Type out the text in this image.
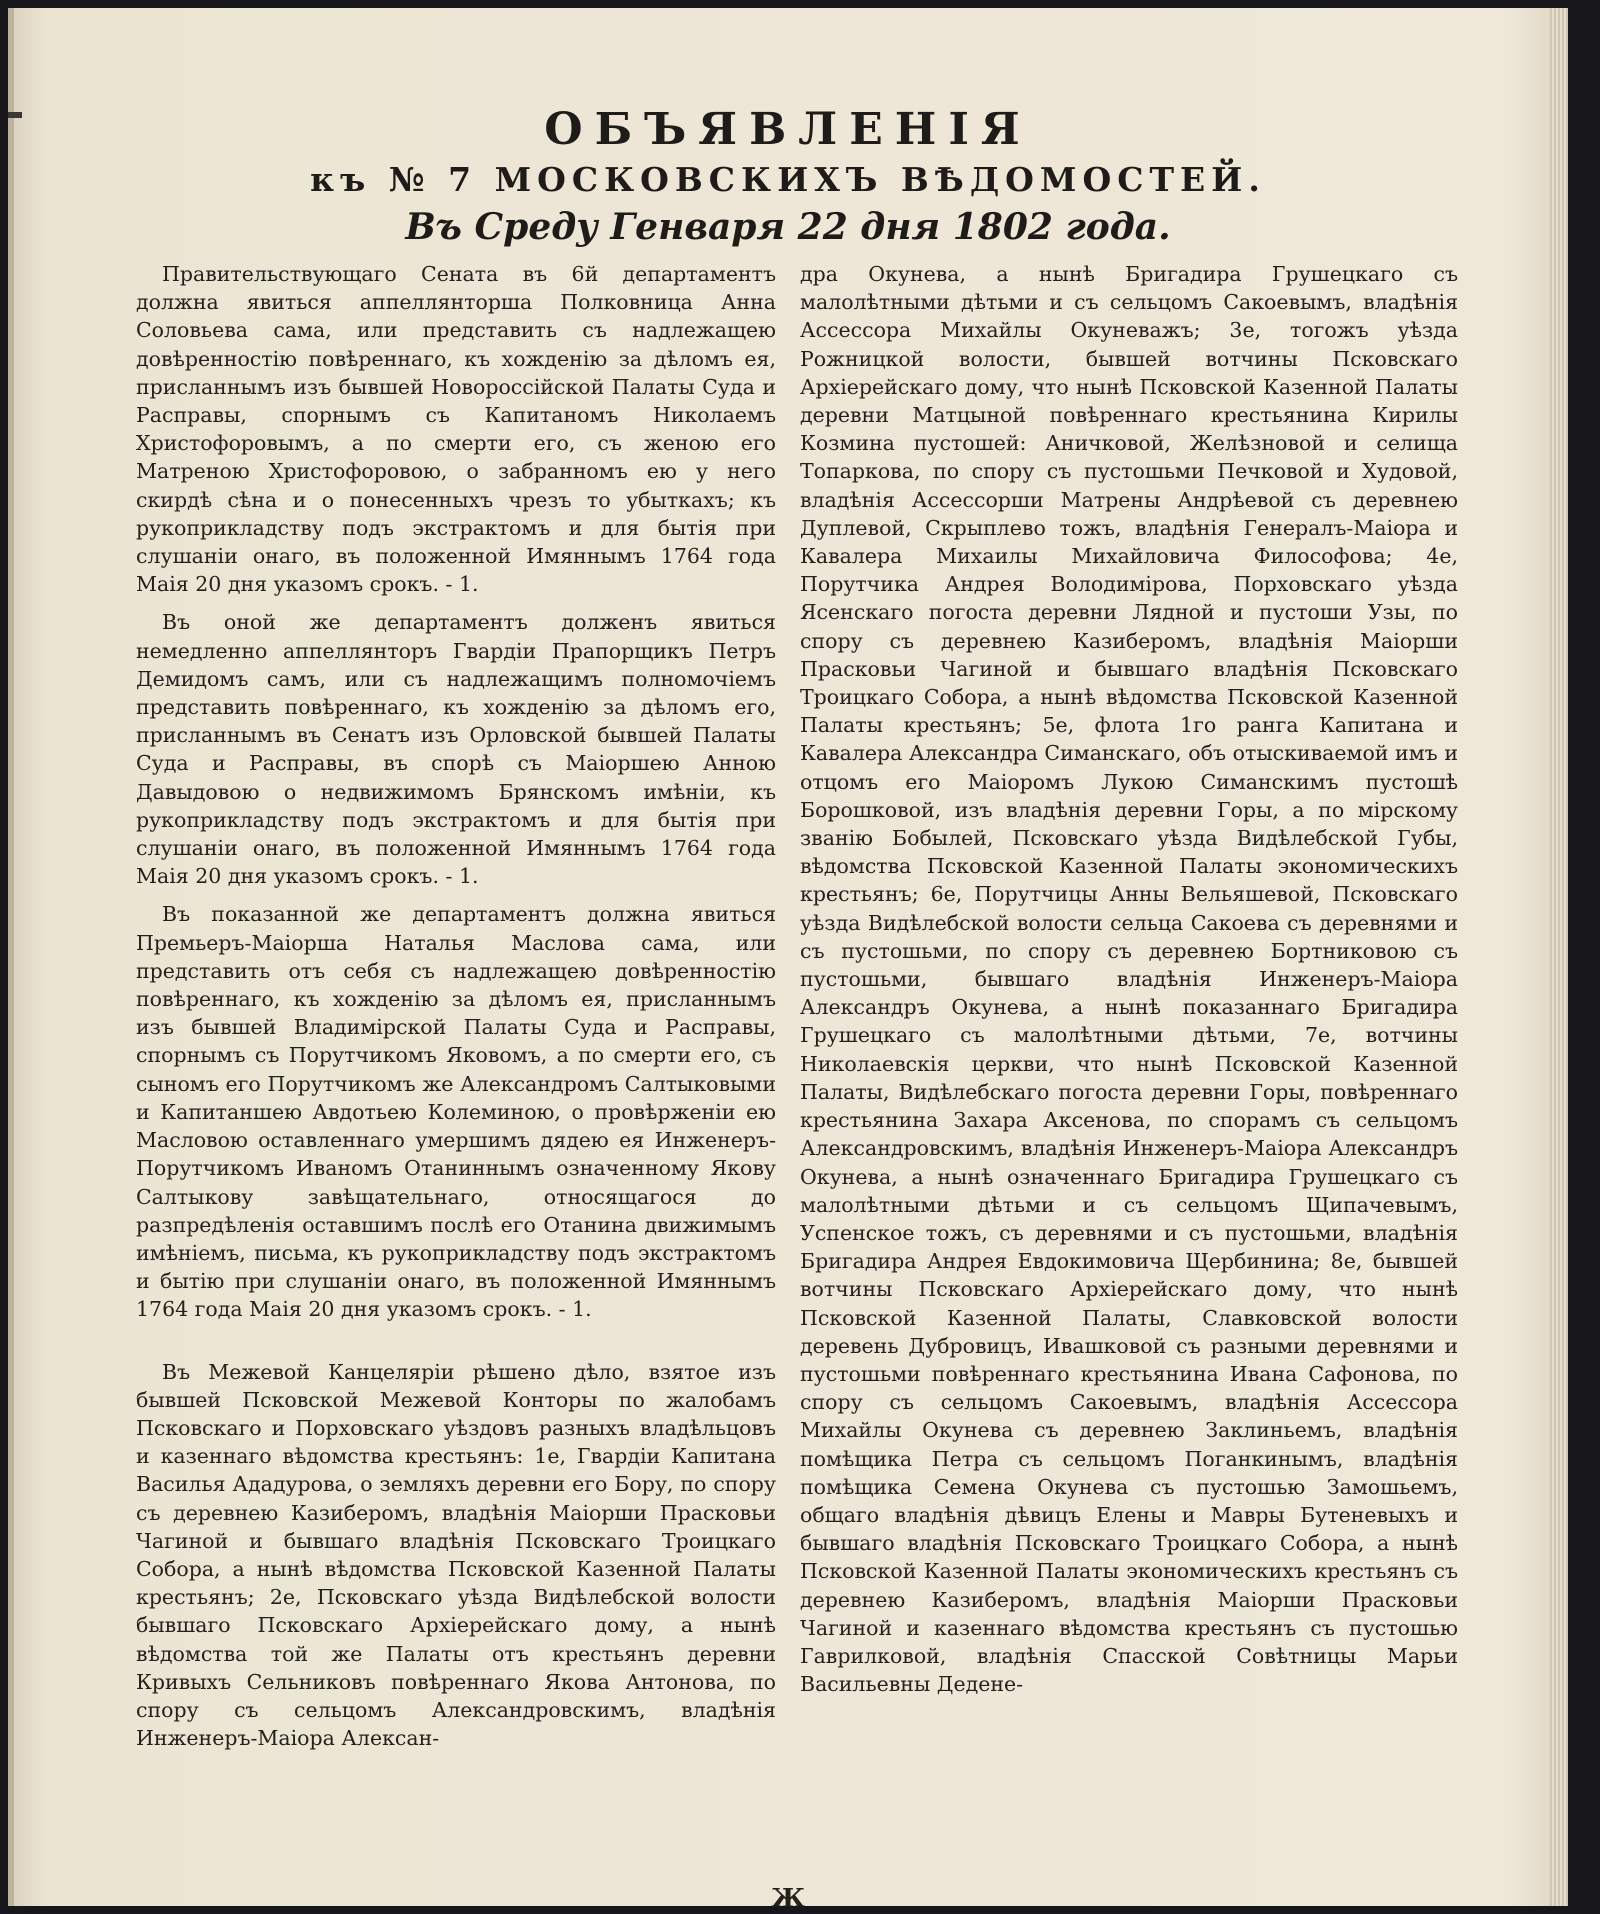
ОБЪЯВЛЕНІЯ
къ № 7 МОСКОВСКИХЪ ВѢДОМОСТЕЙ.
Въ Среду Генваря 22 дня 1802 года.

Правительствующаго Сената въ 6й департаментъ должна явиться аппеллянторша Полковница Анна Соловьева сама, или представить съ надлежащею довѣренностію повѣреннаго, къ хожденію за дѣломъ ея, присланнымъ изъ бывшей Новороссійской Палаты Суда и Расправы, спорнымъ съ Капитаномъ Николаемъ Христофоровымъ, а по смерти его, съ женою его Матреною Христофоровою, о забранномъ ею у него скирдѣ сѣна и о понесенныхъ чрезъ то убыткахъ; къ рукоприкладству подъ экстрактомъ и для бытія при слушаніи онаго, въ положенной Имяннымъ 1764 года Маія 20 дня указомъ срокъ. - 1.

Въ оной же департаментъ долженъ явиться немедленно аппеллянторъ Гвардіи Прапорщикъ Петръ Демидомъ самъ, или съ надлежащимъ полномочіемъ представить повѣреннаго, къ хожденію за дѣломъ его, присланнымъ въ Сенатъ изъ Орловской бывшей Палаты Суда и Расправы, въ спорѣ съ Маіоршею Анною Давыдовою о недвижимомъ Брянскомъ имѣніи, къ рукоприкладству подъ экстрактомъ и для бытія при слушаніи онаго, въ положенной Имяннымъ 1764 года Маія 20 дня указомъ срокъ. - 1.

Въ показанной же департаментъ должна явиться Премьеръ-Маіорша Наталья Маслова сама, или представить отъ себя съ надлежащею довѣренностію повѣреннаго, къ хожденію за дѣломъ ея, присланнымъ изъ бывшей Владимірской Палаты Суда и Расправы, спорнымъ съ Порутчикомъ Яковомъ, а по смерти его, съ сыномъ его Порутчикомъ же Александромъ Салтыковыми и Капитаншею Авдотьею Колеминою, о провѣрженіи ею Масловою оставленнаго умершимъ дядею ея Инженеръ-Порутчикомъ Иваномъ Отаниннымъ означенному Якову Салтыкову завѣщательнаго, относящагося до разпредѣленія оставшимъ послѣ его Отанина движимымъ имѣніемъ, письма, къ рукоприкладству подъ экстрактомъ и бытію при слушаніи онаго, въ положенной Имяннымъ 1764 года Маія 20 дня указомъ срокъ. - 1.

Въ Межевой Канцеляріи рѣшено дѣло, взятое изъ бывшей Псковской Межевой Конторы по жалобамъ Псковскаго и Порховскаго уѣздовъ разныхъ владѣльцовъ и казеннаго вѣдомства крестьянъ: 1е, Гвардіи Капитана Василья Ададурова, о земляхъ деревни его Бору, по спору съ деревнею Казиберомъ, владѣнія Маіорши Прасковьи Чагиной и бывшаго владѣнія Псковскаго Троицкаго Собора, а нынѣ вѣдомства Псковской Казенной Палаты крестьянъ; 2е, Псковскаго уѣзда Видѣлебской волости бывшаго Псковскаго Архіерейскаго дому, а нынѣ вѣдомства той же Палаты отъ крестьянъ деревни Кривыхъ Сельниковъ повѣреннаго Якова Антонова, по спору съ сельцомъ Александровскимъ, владѣнія Инженеръ-Маіора Алексан-

дра Окунева, а нынѣ Бригадира Грушецкаго съ малолѣтными дѣтьми и съ сельцомъ Сакоевымъ, владѣнія Ассессора Михайлы Окуневажъ; 3е, тогожъ уѣзда Рожницкой волости, бывшей вотчины Псковскаго Архіерейскаго дому, что нынѣ Псковской Казенной Палаты деревни Матцыной повѣреннаго крестьянина Кирилы Козмина пустошей: Аничковой, Желѣзновой и селища Топаркова, по спору съ пустошьми Печковой и Худовой, владѣнія Ассессорши Матрены Андрѣевой съ деревнею Дуплевой, Скрыплево тожъ, владѣнія Генералъ-Маіора и Кавалера Михаилы Михайловича Философова; 4е, Порутчика Андрея Володимірова, Порховскаго уѣзда Ясенскаго погоста деревни Лядной и пустоши Узы, по спору съ деревнею Казиберомъ, владѣнія Маіорши Прасковьи Чагиной и бывшаго владѣнія Псковскаго Троицкаго Собора, а нынѣ вѣдомства Псковской Казенной Палаты крестьянъ; 5е, флота 1го ранга Капитана и Кавалера Александра Симанскаго, объ отыскиваемой имъ и отцомъ его Маіоромъ Лукою Симанскимъ пустошѣ Борошковой, изъ владѣнія деревни Горы, а по мірскому званію Бобылей, Псковскаго уѣзда Видѣлебской Губы, вѣдомства Псковской Казенной Палаты экономическихъ крестьянъ; 6е, Порутчицы Анны Вельяшевой, Псковскаго уѣзда Видѣлебской волости сельца Сакоева съ деревнями и съ пустошьми, по спору съ деревнею Бортниковою съ пустошьми, бывшаго владѣнія Инженеръ-Маіора Александръ Окунева, а нынѣ показаннаго Бригадира Грушецкаго съ малолѣтными дѣтьми, 7е, вотчины Николаевскія церкви, что нынѣ Псковской Казенной Палаты, Видѣлебскаго погоста деревни Горы, повѣреннаго крестьянина Захара Аксенова, по спорамъ съ сельцомъ Александровскимъ, владѣнія Инженеръ-Маіора Александръ Окунева, а нынѣ означеннаго Бригадира Грушецкаго съ малолѣтными дѣтьми и съ сельцомъ Щипачевымъ, Успенское тожъ, съ деревнями и съ пустошьми, владѣнія Бригадира Андрея Евдокимовича Щербинина; 8е, бывшей вотчины Псковскаго Архіерейскаго дому, что нынѣ Псковской Казенной Палаты, Славковской волости деревень Дубровицъ, Ивашковой съ разными деревнями и пустошьми повѣреннаго крестьянина Ивана Сафонова, по спору съ сельцомъ Сакоевымъ, владѣнія Ассессора Михайлы Окунева съ деревнею Заклиньемъ, владѣнія помѣщика Петра съ сельцомъ Поганкинымъ, владѣнія помѣщика Семена Окунева съ пустошью Замошьемъ, общаго владѣнія дѣвицъ Елены и Мавры Бутеневыхъ и бывшаго владѣнія Псковскаго Троицкаго Собора, а нынѣ Псковской Казенной Палаты экономическихъ крестьянъ съ деревнею Казиберомъ, владѣнія Маіорши Прасковьи Чагиной и казеннаго вѣдомства крестьянъ съ пустошью Гаврилковой, владѣнія Спасской Совѣтницы Марьи Васильевны Дедене-

Ж
